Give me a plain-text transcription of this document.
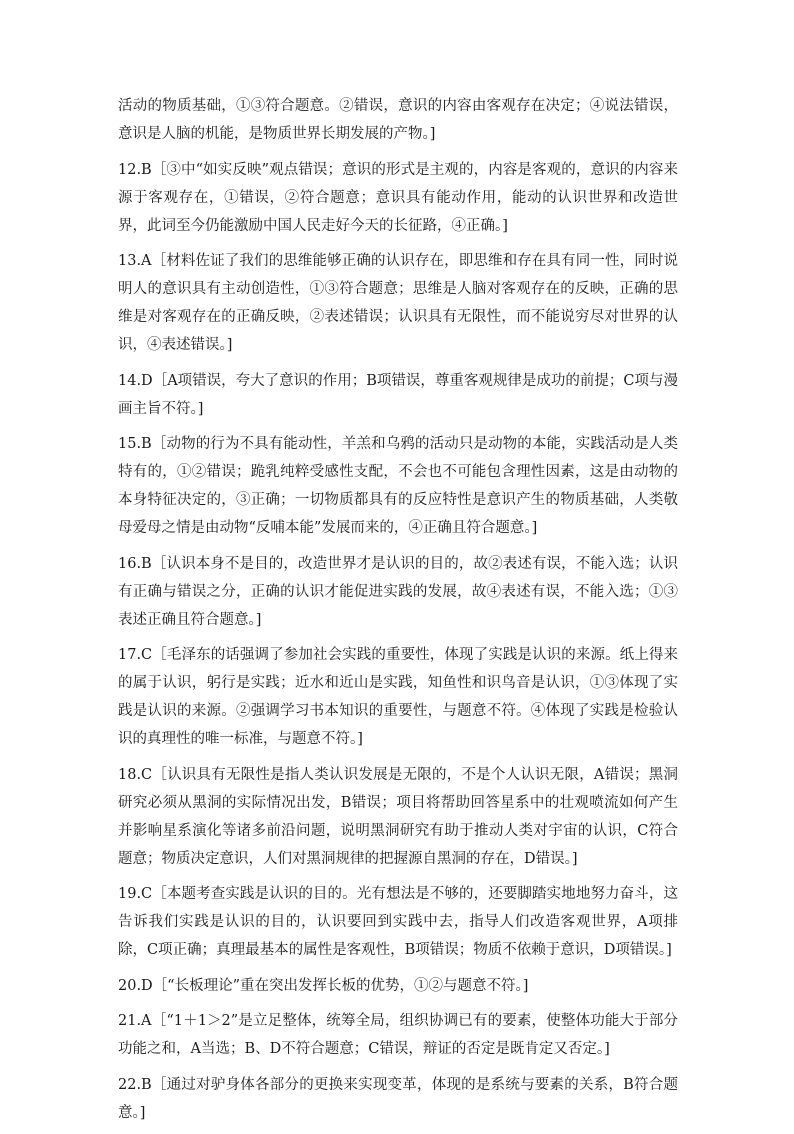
活动的物质基础，①③符合题意。②错误，意识的内容由客观存在决定；④说法错误，意识是人脑的机能，是物质世界长期发展的产物。]

12.B［③中“如实反映”观点错误；意识的形式是主观的，内容是客观的，意识的内容来源于客观存在，①错误，②符合题意；意识具有能动作用，能动的认识世界和改造世界，此词至今仍能激励中国人民走好今天的长征路，④正确。]

13.A［材料佐证了我们的思维能够正确的认识存在，即思维和存在具有同一性，同时说明人的意识具有主动创造性，①③符合题意；思维是人脑对客观存在的反映，正确的思维是对客观存在的正确反映，②表述错误；认识具有无限性，而不能说穷尽对世界的认识，④表述错误。]

14.D［A项错误，夸大了意识的作用；B项错误，尊重客观规律是成功的前提；C项与漫画主旨不符。]

15.B［动物的行为不具有能动性，羊羔和乌鸦的活动只是动物的本能，实践活动是人类特有的，①②错误；跪乳纯粹受感性支配，不会也不可能包含理性因素，这是由动物的本身特征决定的，③正确；一切物质都具有的反应特性是意识产生的物质基础，人类敬母爱母之情是由动物“反哺本能”发展而来的，④正确且符合题意。]

16.B［认识本身不是目的，改造世界才是认识的目的，故②表述有误，不能入选；认识有正确与错误之分，正确的认识才能促进实践的发展，故④表述有误，不能入选；①③表述正确且符合题意。]

17.C［毛泽东的话强调了参加社会实践的重要性，体现了实践是认识的来源。纸上得来的属于认识，躬行是实践；近水和近山是实践，知鱼性和识鸟音是认识，①③体现了实践是认识的来源。②强调学习书本知识的重要性，与题意不符。④体现了实践是检验认识的真理性的唯一标准，与题意不符。]

18.C［认识具有无限性是指人类认识发展是无限的，不是个人认识无限，A错误；黑洞研究必须从黑洞的实际情况出发，B错误；项目将帮助回答星系中的壮观喷流如何产生并影响星系演化等诸多前沿问题，说明黑洞研究有助于推动人类对宇宙的认识，C符合题意；物质决定意识，人们对黑洞规律的把握源自黑洞的存在，D错误。]

19.C［本题考查实践是认识的目的。光有想法是不够的，还要脚踏实地地努力奋斗，这告诉我们实践是认识的目的，认识要回到实践中去，指导人们改造客观世界，A项排除，C项正确；真理最基本的属性是客观性，B项错误；物质不依赖于意识，D项错误。]

20.D［“长板理论”重在突出发挥长板的优势，①②与题意不符。]

21.A［“1＋1＞2”是立足整体，统筹全局，组织协调已有的要素，使整体功能大于部分功能之和，A当选；B、D不符合题意；C错误，辩证的否定是既肯定又否定。]

22.B［通过对驴身体各部分的更换来实现变革，体现的是系统与要素的关系，B符合题意。]
